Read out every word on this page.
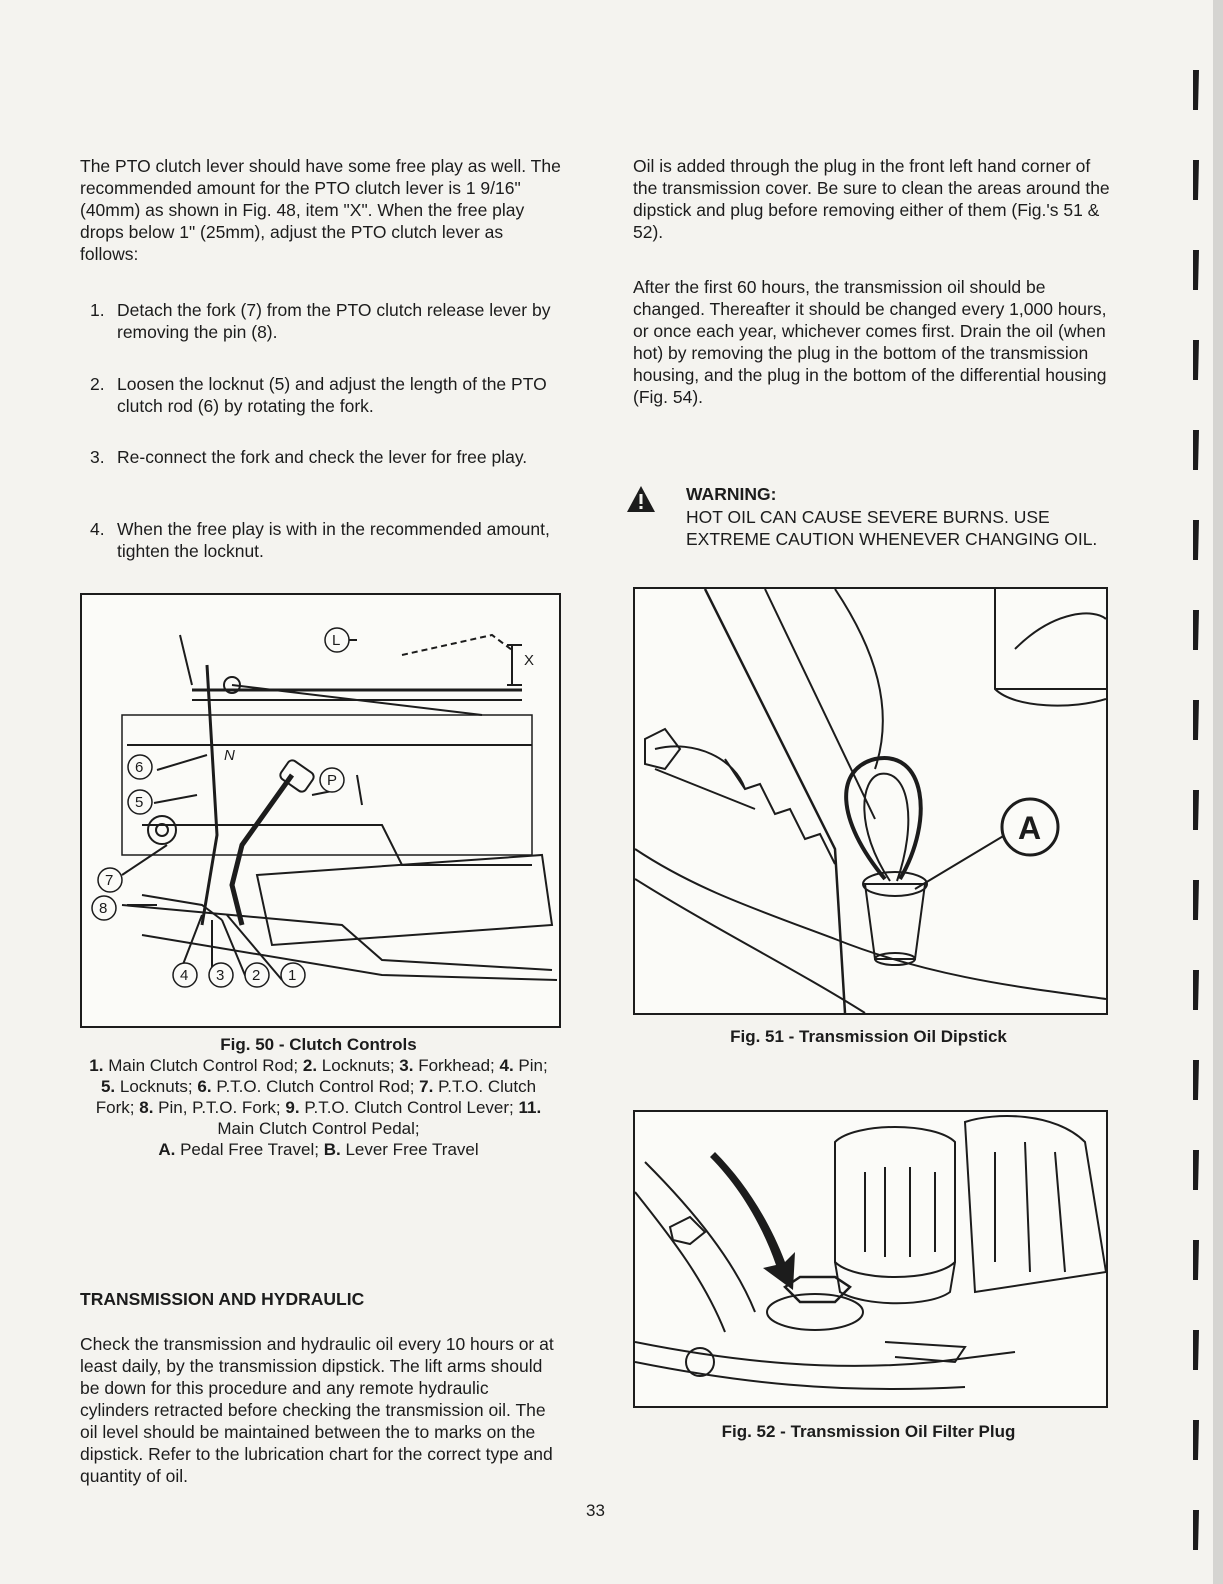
The PTO clutch lever should have some free play as well. The recommended amount for the PTO clutch lever is 1 9/16" (40mm) as shown in Fig. 48, item "X". When the free play drops below 1" (25mm), adjust the PTO clutch lever as follows:

1. Detach the fork (7) from the PTO clutch release lever by removing the pin (8).
2. Loosen the locknut (5) and adjust the length of the PTO clutch rod (6) by rotating the fork.
3. Re-connect the fork and check the lever for free play.
4. When the free play is with in the recommended amount, tighten the locknut.
L
X
N
P
6
5
7
8
4 3 2 1
Fig. 50 - Clutch Controls
1. Main Clutch Control Rod; 2. Locknuts; 3. Forkhead; 4. Pin; 5. Locknuts; 6. P.T.O. Clutch Control Rod; 7. P.T.O. Clutch Fork; 8. Pin, P.T.O. Fork; 9. P.T.O. Clutch Control Lever; 11. Main Clutch Control Pedal;
A. Pedal Free Travel; B. Lever Free Travel
TRANSMISSION AND HYDRAULIC

Check the transmission and hydraulic oil every 10 hours or at least daily, by the transmission dipstick. The lift arms should be down for this procedure and any remote hydraulic cylinders retracted before checking the transmission oil. The oil level should be maintained between the to marks on the dipstick. Refer to the lubrication chart for the correct type and quantity of oil.

Oil is added through the plug in the front left hand corner of the transmission cover. Be sure to clean the areas around the dipstick and plug before removing either of them (Fig.'s 51 & 52).

After the first 60 hours, the transmission oil should be changed. Thereafter it should be changed every 1,000 hours, or once each year, whichever comes first. Drain the oil (when hot) by removing the plug in the bottom of the transmission housing, and the plug in the bottom of the differential housing (Fig. 54).

WARNING:
HOT OIL CAN CAUSE SEVERE BURNS. USE EXTREME CAUTION WHENEVER CHANGING OIL.
A
Fig. 51 - Transmission Oil Dipstick
Fig. 52 - Transmission Oil Filter Plug
33
